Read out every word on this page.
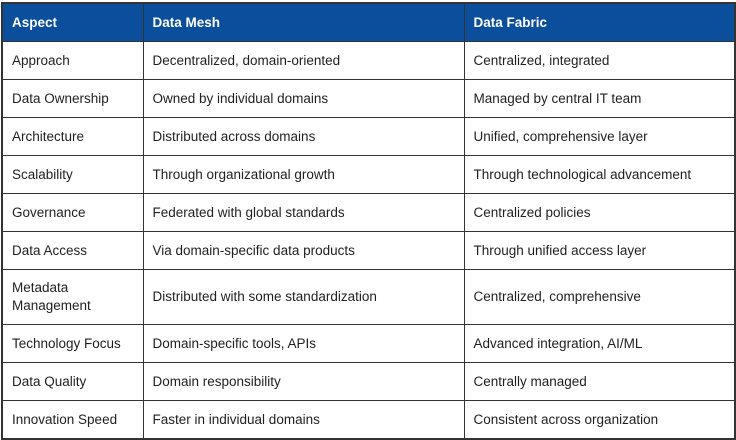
Aspect	Data Mesh	Data Fabric
Approach	Decentralized, domain-oriented	Centralized, integrated
Data Ownership	Owned by individual domains	Managed by central IT team
Architecture	Distributed across domains	Unified, comprehensive layer
Scalability	Through organizational growth	Through technological advancement
Governance	Federated with global standards	Centralized policies
Data Access	Via domain-specific data products	Through unified access layer
Metadata Management	Distributed with some standardization	Centralized, comprehensive
Technology Focus	Domain-specific tools, APIs	Advanced integration, AI/ML
Data Quality	Domain responsibility	Centrally managed
Innovation Speed	Faster in individual domains	Consistent across organization
